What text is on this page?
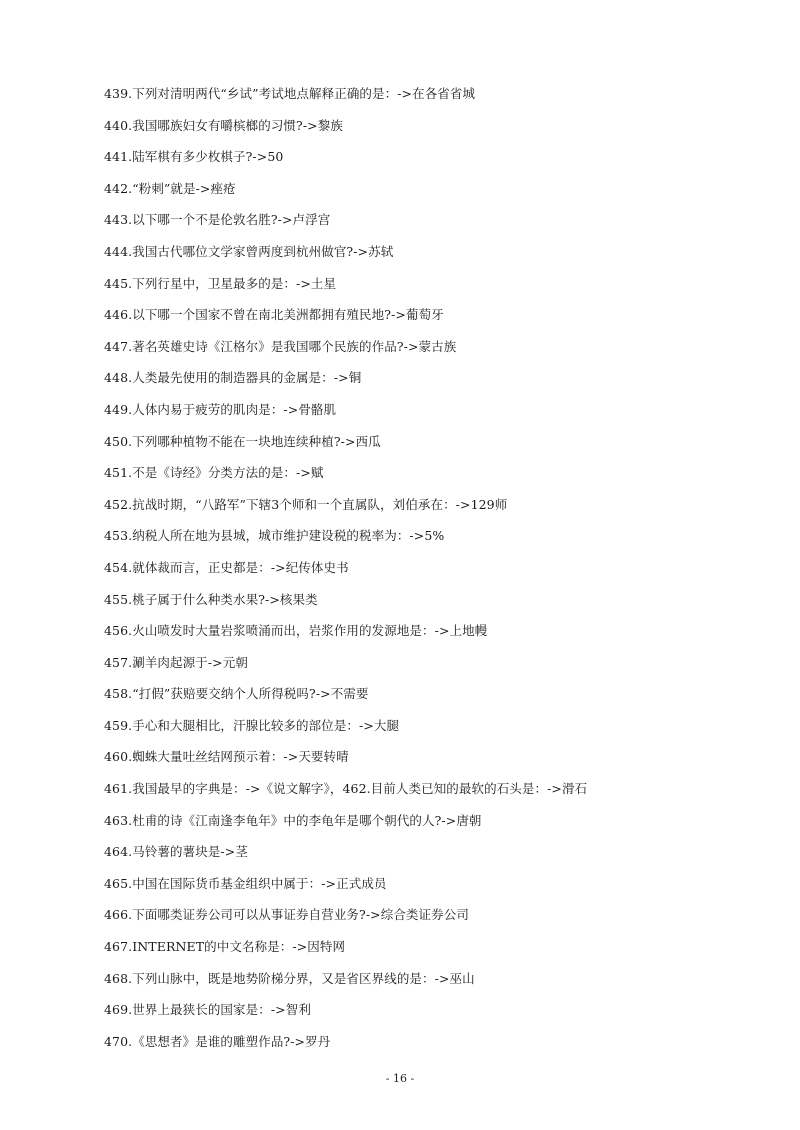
439.下列对清明两代“乡试”考试地点解释正确的是：->在各省省城
440.我国哪族妇女有嚼槟榔的习惯?->黎族
441.陆军棋有多少枚棋子?->50
442.“粉刺”就是->痤疮
443.以下哪一个不是伦敦名胜?->卢浮宫
444.我国古代哪位文学家曾两度到杭州做官?->苏轼
445.下列行星中，卫星最多的是：->土星
446.以下哪一个国家不曾在南北美洲都拥有殖民地?->葡萄牙
447.著名英雄史诗《江格尔》是我国哪个民族的作品?->蒙古族
448.人类最先使用的制造器具的金属是：->铜
449.人体内易于疲劳的肌肉是：->骨骼肌
450.下列哪种植物不能在一块地连续种植?->西瓜
451.不是《诗经》分类方法的是：->赋
452.抗战时期，“八路军”下辖3个师和一个直属队，刘伯承在：->129师
453.纳税人所在地为县城，城市维护建设税的税率为：->5%
454.就体裁而言，正史都是：->纪传体史书
455.桃子属于什么种类水果?->核果类
456.火山喷发时大量岩浆喷涌而出，岩浆作用的发源地是：->上地幔
457.涮羊肉起源于->元朝
458.“打假”获赔要交纳个人所得税吗?->不需要
459.手心和大腿相比，汗腺比较多的部位是：->大腿
460.蜘蛛大量吐丝结网预示着：->天要转晴
461.我国最早的字典是：->《说文解字》，462.目前人类已知的最软的石头是：->滑石
463.杜甫的诗《江南逢李龟年》中的李龟年是哪个朝代的人?->唐朝
464.马铃薯的薯块是->茎
465.中国在国际货币基金组织中属于：->正式成员
466.下面哪类证券公司可以从事证券自营业务?->综合类证券公司
467.INTERNET的中文名称是：->因特网
468.下列山脉中，既是地势阶梯分界，又是省区界线的是：->巫山
469.世界上最狭长的国家是：->智利
470.《思想者》是谁的雕塑作品?->罗丹
- 16 -
